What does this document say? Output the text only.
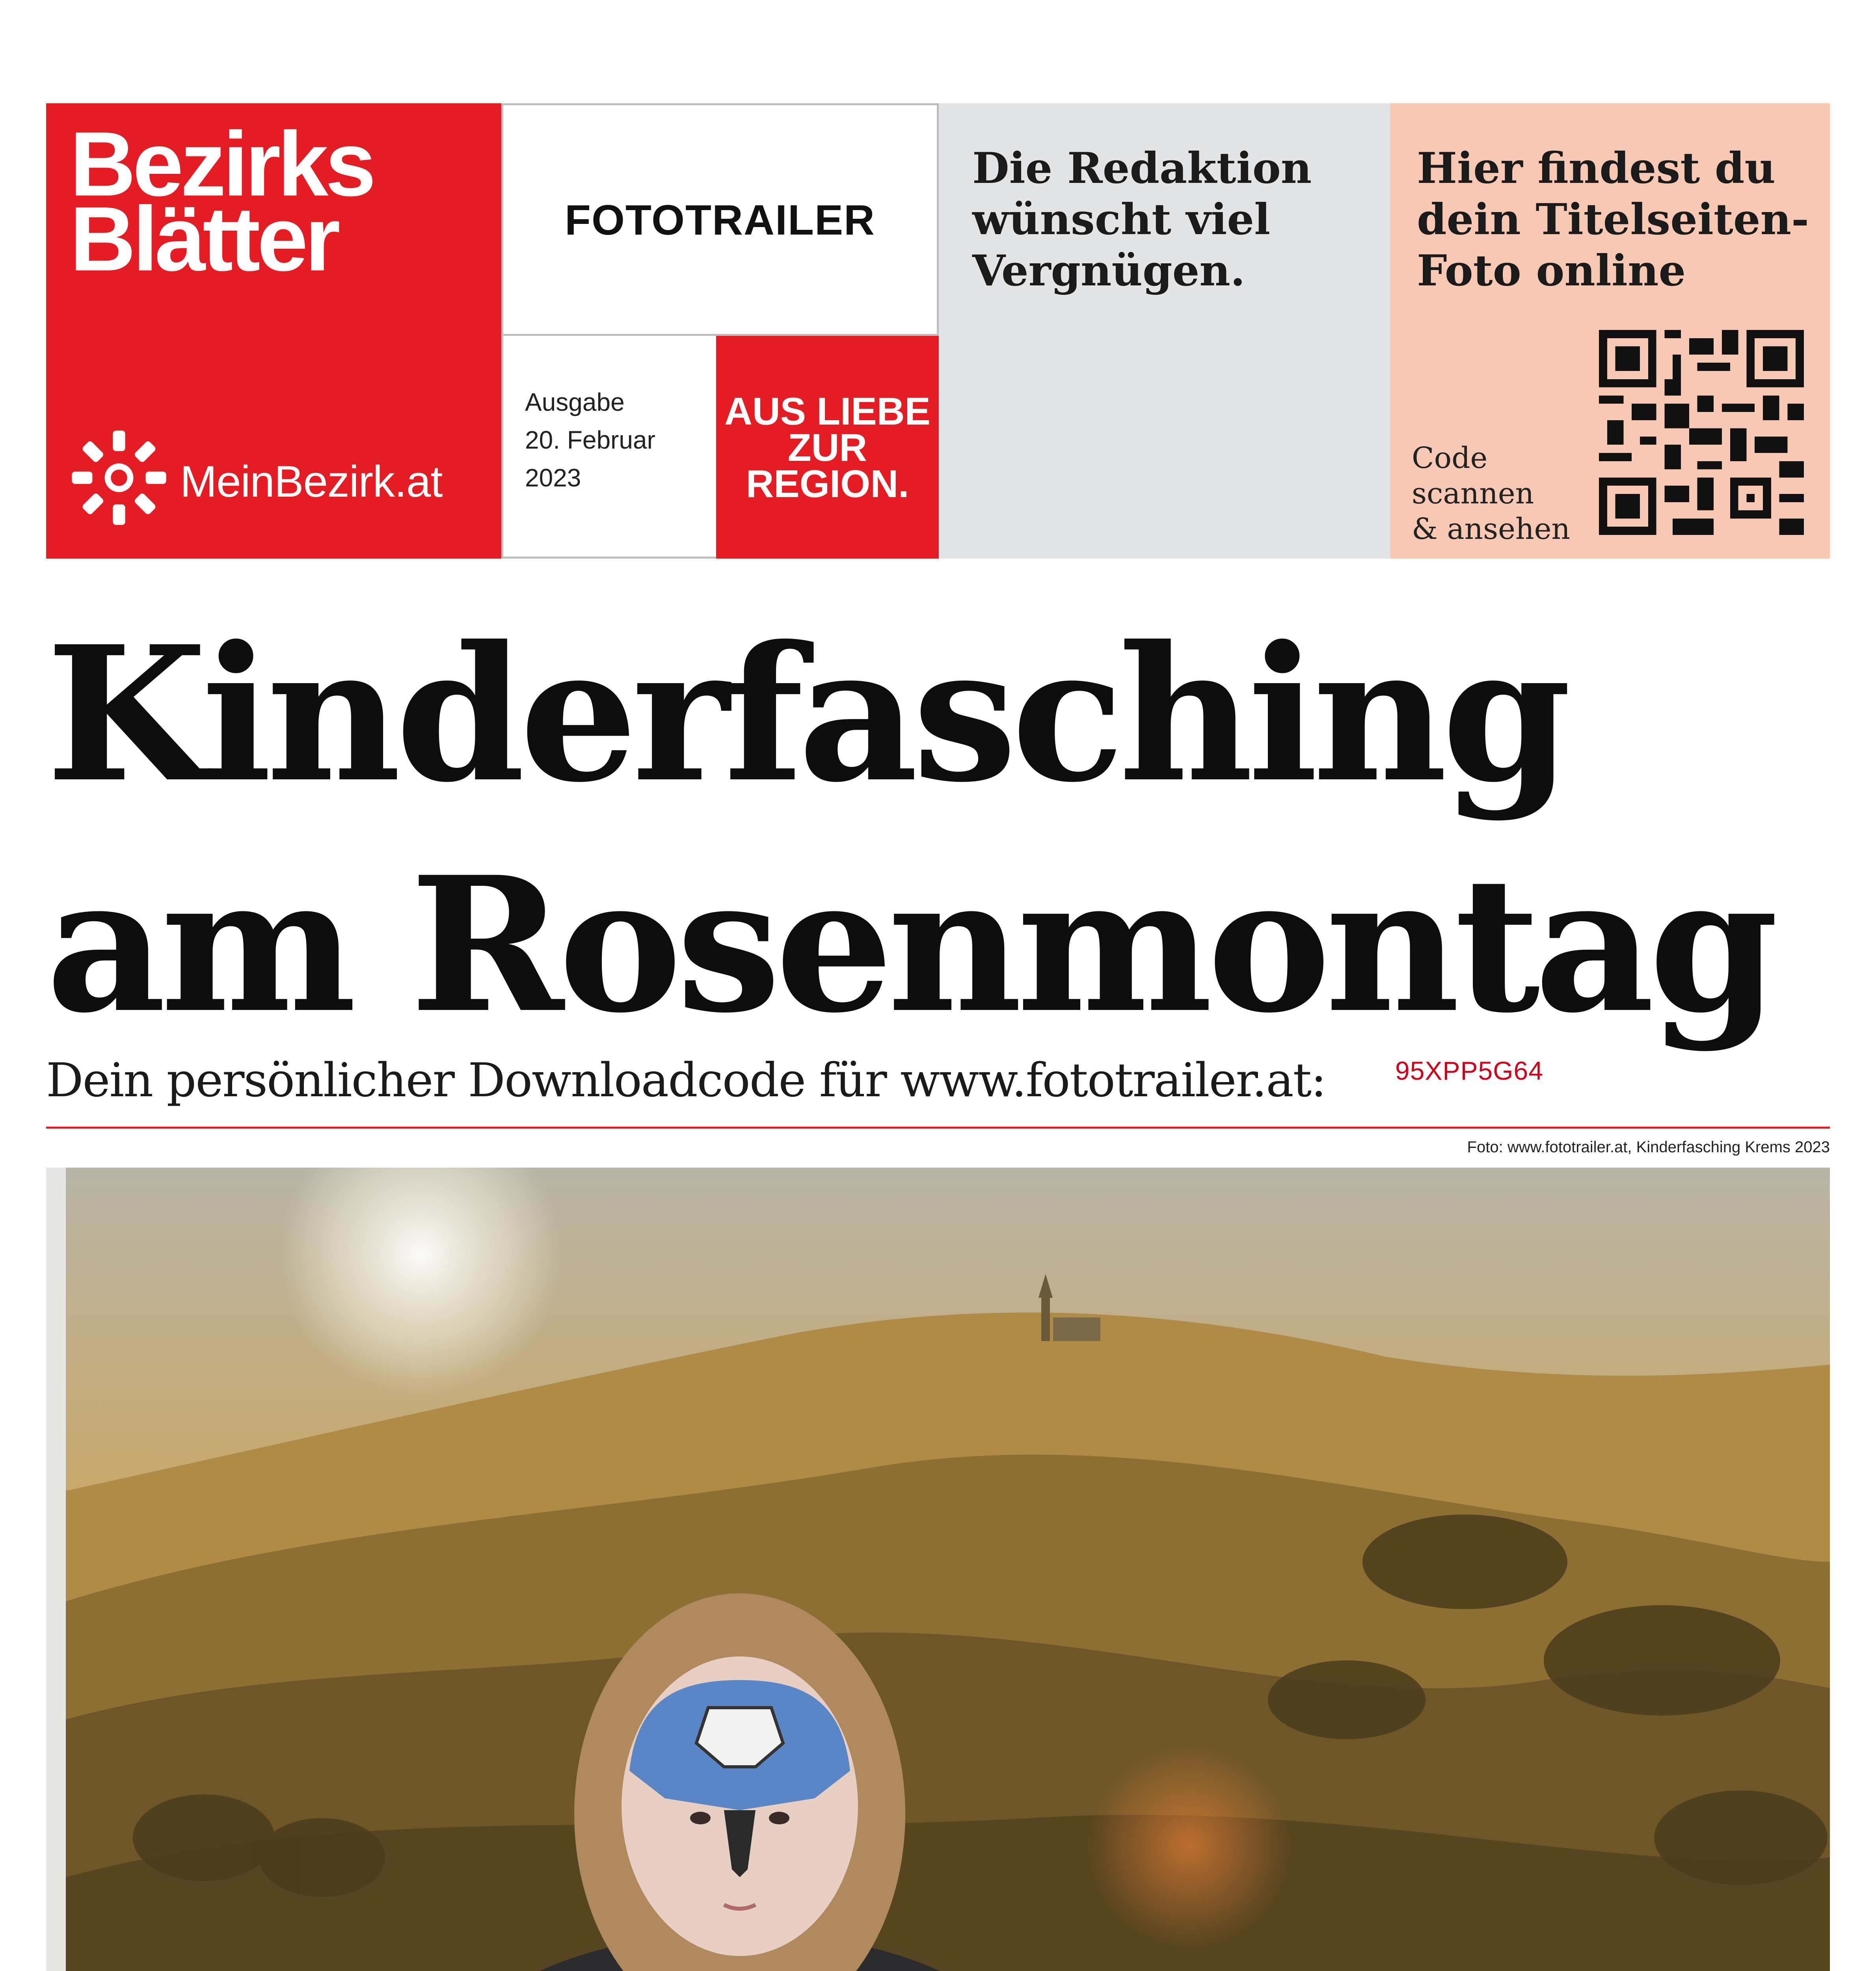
Bezirks
Blätter
MeinBezirk.at
FOTOTRAILER
Ausgabe
20. Februar
2023
AUS LIEBE
ZUR
REGION.
Die Redaktion
wünscht viel
Vergnügen.
Hier findest du
dein Titelseiten-
Foto online
Code
scannen
& ansehen
Kinderfasching
am Rosenmontag
Dein persönlicher Downloadcode für www.fototrailer.at:	95XPP5G64
Foto: www.fototrailer.at, Kinderfasching Krems 2023
